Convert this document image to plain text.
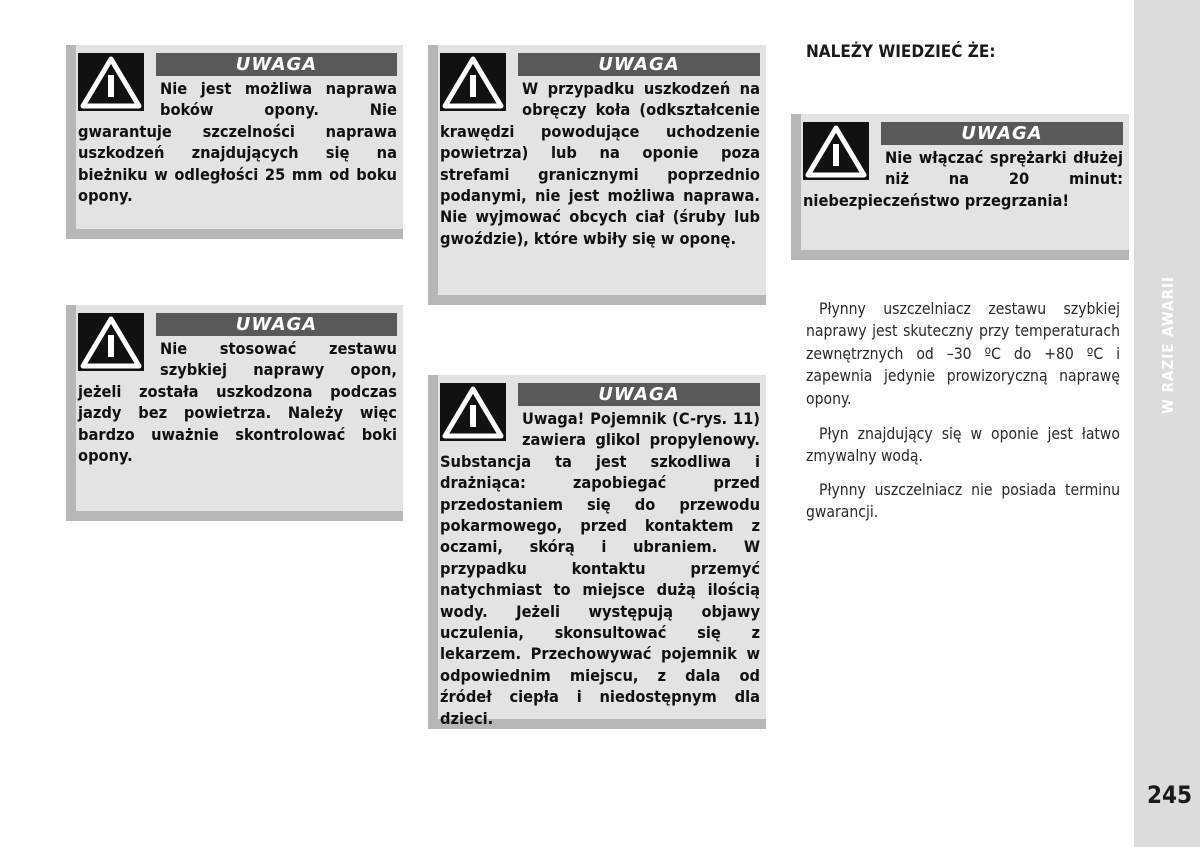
W RAZIE AWARII
245
UWAGA
Nie jest możliwa naprawa boków opony. Nie gwarantuje szczelności naprawa uszkodzeń znajdujących się na bieżniku w odległości 25 mm od boku opony.
UWAGA
W przypadku uszkodzeń na obręczy koła (odkształcenie krawędzi powodujące uchodzenie powietrza) lub na oponie poza strefami granicznymi poprzednio podanymi, nie jest możliwa naprawa. Nie wyjmować obcych ciał (śruby lub gwoździe), które wbiły się w oponę.
UWAGA
Nie włączać sprężarki dłużej niż na 20 minut: niebezpieczeństwo przegrzania!
UWAGA
Nie stosować zestawu szybkiej naprawy opon, jeżeli została uszkodzona podczas jazdy bez powietrza. Należy więc bardzo uważnie skontrolować boki opony.
UWAGA
Uwaga! Pojemnik (C-rys. 11) zawiera glikol propylenowy. Substancja ta jest szkodliwa i drażniąca: zapobiegać przed przedostaniem się do przewodu pokarmowego, przed kontaktem z oczami, skórą i ubraniem. W przypadku kontaktu przemyć natychmiast to miejsce dużą ilością wody. Jeżeli występują objawy uczulenia, skonsultować się z lekarzem. Przechowywać pojemnik w odpowiednim miejscu, z dala od źródeł ciepła i niedostępnym dla dzieci.
NALEŻY WIEDZIEĆ ŻE:
Płynny uszczelniacz zestawu szybkiej naprawy jest skuteczny przy temperaturach zewnętrznych od –30 ºC do +80 ºC i zapewnia jedynie prowizoryczną naprawę opony.
Płyn znajdujący się w oponie jest łatwo zmywalny wodą.
Płynny uszczelniacz nie posiada terminu gwarancji.
